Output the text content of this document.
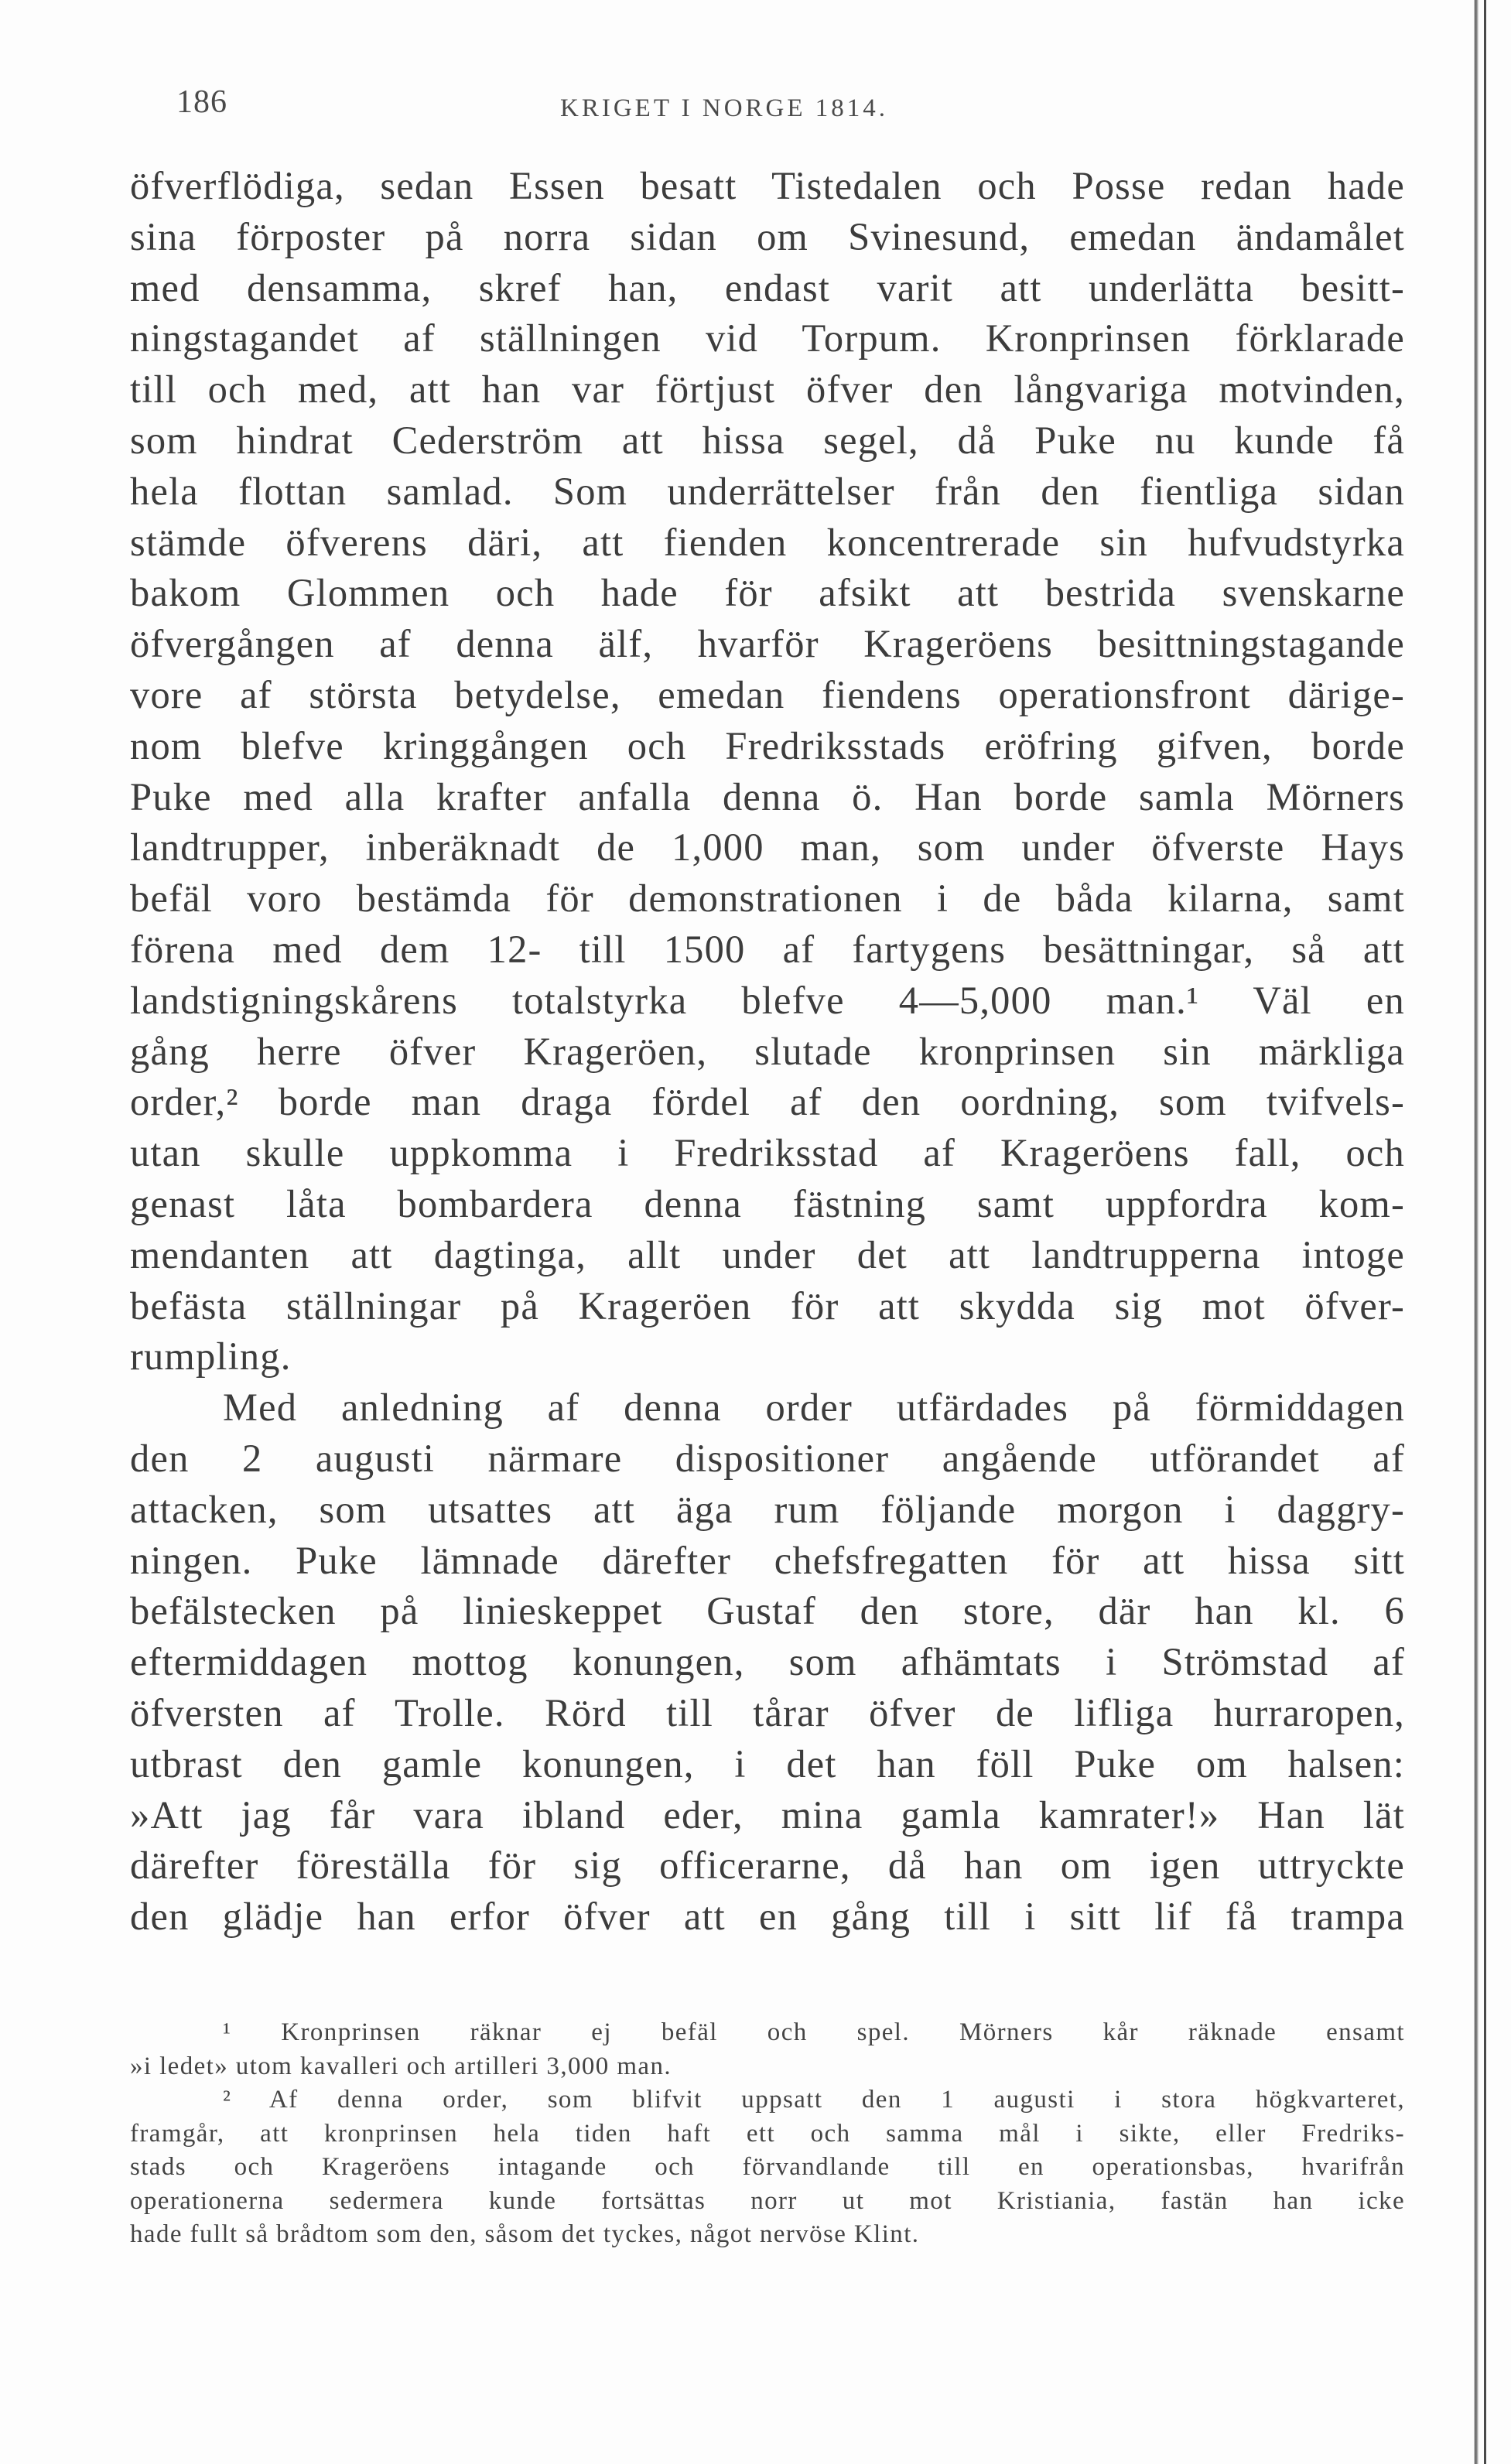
186	KRIGET I NORGE 1814.

öfverflödiga, sedan Essen besatt Tistedalen och Posse redan hade
sina förposter på norra sidan om Svinesund, emedan ändamålet
med densamma, skref han, endast varit att underlätta besitt-
ningstagandet af ställningen vid Torpum. Kronprinsen förklarade
till och med, att han var förtjust öfver den långvariga motvinden,
som hindrat Cederström att hissa segel, då Puke nu kunde få
hela flottan samlad. Som underrättelser från den fientliga sidan
stämde öfverens däri, att fienden koncentrerade sin hufvudstyrka
bakom Glommen och hade för afsikt att bestrida svenskarne
öfvergången af denna älf, hvarför Krageröens besittningstagande
vore af största betydelse, emedan fiendens operationsfront därige-
nom blefve kringgången och Fredriksstads eröfring gifven, borde
Puke med alla krafter anfalla denna ö. Han borde samla Mörners
landtrupper, inberäknadt de 1,000 man, som under öfverste Hays
befäl voro bestämda för demonstrationen i de båda kilarna, samt
förena med dem 12- till 1500 af fartygens besättningar, så att
landstigningskårens totalstyrka blefve 4—5,000 man.¹ Väl en
gång herre öfver Krageröen, slutade kronprinsen sin märkliga
order,² borde man draga fördel af den oordning, som tvifvels-
utan skulle uppkomma i Fredriksstad af Krageröens fall, och
genast låta bombardera denna fästning samt uppfordra kom-
mendanten att dagtinga, allt under det att landtrupperna intoge
befästa ställningar på Krageröen för att skydda sig mot öfver-
rumpling.

Med anledning af denna order utfärdades på förmiddagen
den 2 augusti närmare dispositioner angående utförandet af
attacken, som utsattes att äga rum följande morgon i daggry-
ningen. Puke lämnade därefter chefsfregatten för att hissa sitt
befälstecken på linieskeppet Gustaf den store, där han kl. 6
eftermiddagen mottog konungen, som afhämtats i Strömstad af
öfversten af Trolle. Rörd till tårar öfver de lifliga hurraropen,
utbrast den gamle konungen, i det han föll Puke om halsen:
»Att jag får vara ibland eder, mina gamla kamrater!» Han lät
därefter föreställa för sig officerarne, då han om igen uttryckte
den glädje han erfor öfver att en gång till i sitt lif få trampa

¹ Kronprinsen räknar ej befäl och spel. Mörners kår räknade ensamt
»i ledet» utom kavalleri och artilleri 3,000 man.
² Af denna order, som blifvit uppsatt den 1 augusti i stora högkvarteret,
framgår, att kronprinsen hela tiden haft ett och samma mål i sikte, eller Fredriks-
stads och Krageröens intagande och förvandlande till en operationsbas, hvarifrån
operationerna sedermera kunde fortsättas norr ut mot Kristiania, fastän han icke
hade fullt så brådtom som den, såsom det tyckes, något nervöse Klint.
